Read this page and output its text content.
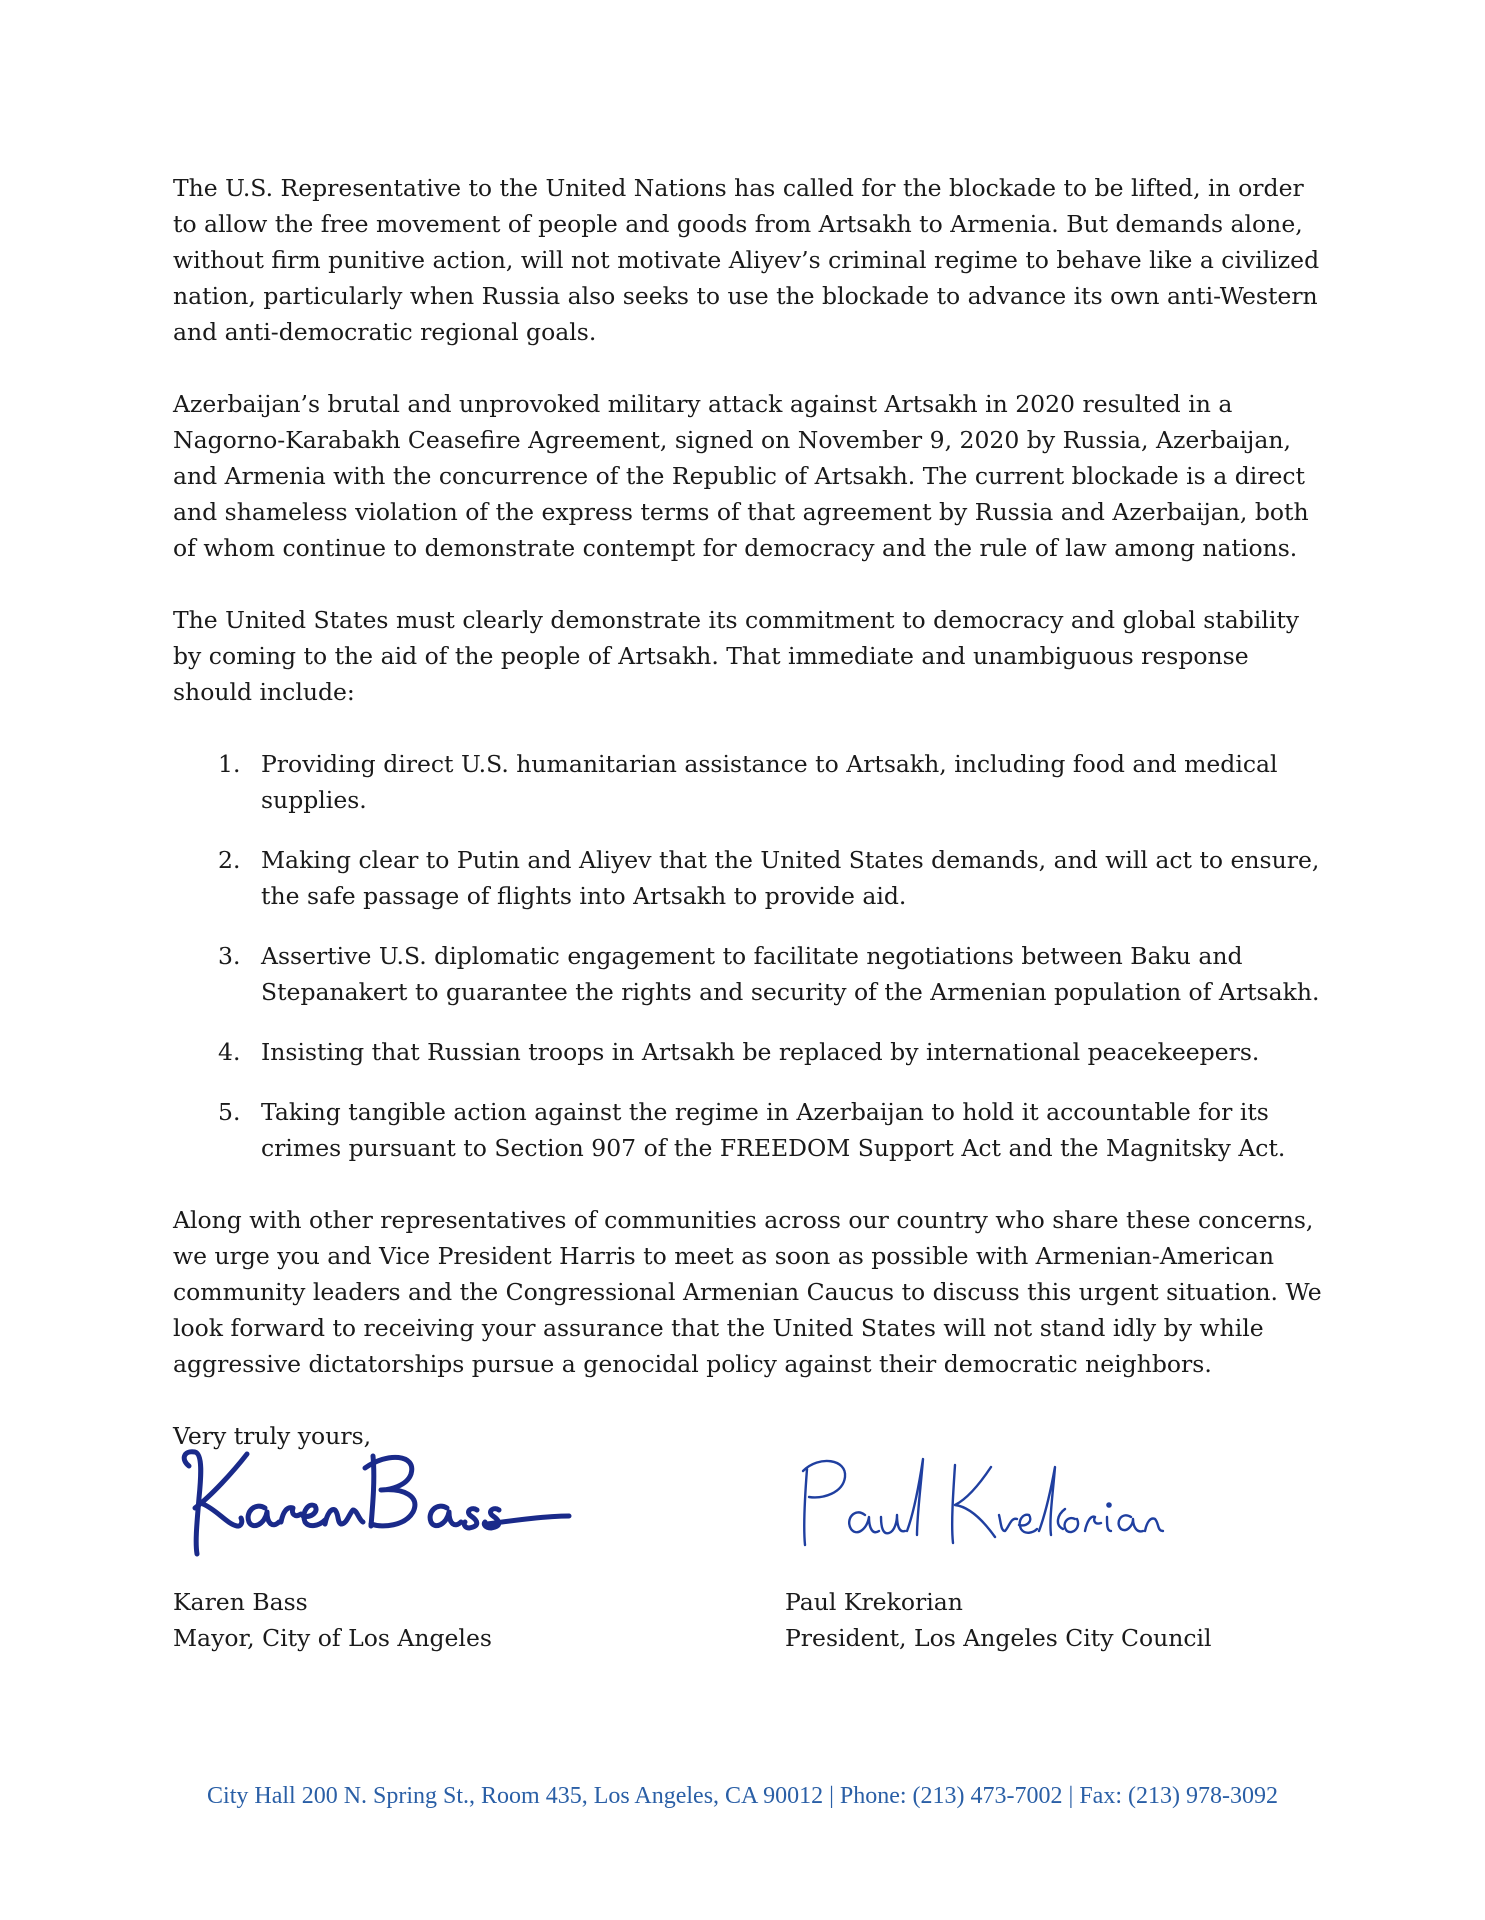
The U.S. Representative to the United Nations has called for the blockade to be lifted, in order to allow the free movement of people and goods from Artsakh to Armenia. But demands alone, without firm punitive action, will not motivate Aliyev’s criminal regime to behave like a civilized nation, particularly when Russia also seeks to use the blockade to advance its own anti-Western and anti-democratic regional goals.

Azerbaijan’s brutal and unprovoked military attack against Artsakh in 2020 resulted in a Nagorno-Karabakh Ceasefire Agreement, signed on November 9, 2020 by Russia, Azerbaijan, and Armenia with the concurrence of the Republic of Artsakh. The current blockade is a direct and shameless violation of the express terms of that agreement by Russia and Azerbaijan, both of whom continue to demonstrate contempt for democracy and the rule of law among nations.

The United States must clearly demonstrate its commitment to democracy and global stability by coming to the aid of the people of Artsakh. That immediate and unambiguous response should include:

1. Providing direct U.S. humanitarian assistance to Artsakh, including food and medical supplies.
2. Making clear to Putin and Aliyev that the United States demands, and will act to ensure, the safe passage of flights into Artsakh to provide aid.
3. Assertive U.S. diplomatic engagement to facilitate negotiations between Baku and Stepanakert to guarantee the rights and security of the Armenian population of Artsakh.
4. Insisting that Russian troops in Artsakh be replaced by international peacekeepers.
5. Taking tangible action against the regime in Azerbaijan to hold it accountable for its crimes pursuant to Section 907 of the FREEDOM Support Act and the Magnitsky Act.

Along with other representatives of communities across our country who share these concerns, we urge you and Vice President Harris to meet as soon as possible with Armenian-American community leaders and the Congressional Armenian Caucus to discuss this urgent situation. We look forward to receiving your assurance that the United States will not stand idly by while aggressive dictatorships pursue a genocidal policy against their democratic neighbors.

Very truly yours,

Karen Bass
Mayor, City of Los Angeles
Paul Krekorian
President, Los Angeles City Council
City Hall 200 N. Spring St., Room 435, Los Angeles, CA 90012 | Phone: (213) 473-7002 | Fax: (213) 978-3092
